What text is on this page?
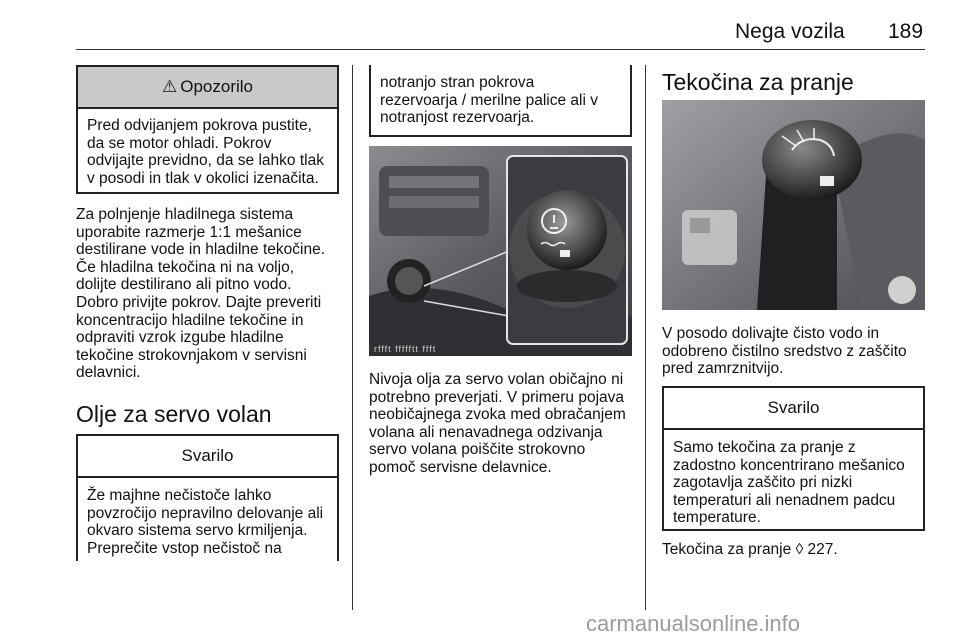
Nega vozila 189
⚠ Opozorilo
Pred odvijanjem pokrova pustite,
da se motor ohladi. Pokrov
odvijajte previdno, da se lahko tlak
v posodi in tlak v okolici izenačita.

Za polnjenje hladilnega sistema
uporabite razmerje 1:1 mešanice
destilirane vode in hladilne tekočine.
Če hladilna tekočina ni na voljo,
dolijte destilirano ali pitno vodo.
Dobro privijte pokrov. Dajte preveriti
koncentracijo hladilne tekočine in
odpraviti vzrok izgube hladilne
tekočine strokovnjakom v servisni
delavnici.

Olje za servo volan
Svarilo
Že majhne nečistoče lahko
povzročijo nepravilno delovanje ali
okvaro sistema servo krmiljenja.
Preprečite vstop nečistoč na
notranjo stran pokrova
rezervoarja / merilne palice ali v
notranjost rezervoarja.
rffft ffffftt ffft

Nivoja olja za servo volan običajno ni
potrebno preverjati. V primeru pojava
neobičajnega zvoka med obračanjem
volana ali nenavadnega odzivanja
servo volana poiščite strokovno
pomoč servisne delavnice.

Tekočina za pranje

V posodo dolivajte čisto vodo in
odobreno čistilno sredstvo z zaščito
pred zamrznitvijo.

Svarilo
Samo tekočina za pranje z
zadostno koncentrirano mešanico
zagotavlja zaščito pri nizki
temperaturi ali nenadnem padcu
temperature.
Tekočina za pranje ◊ 227.
carmanualsonline.info
